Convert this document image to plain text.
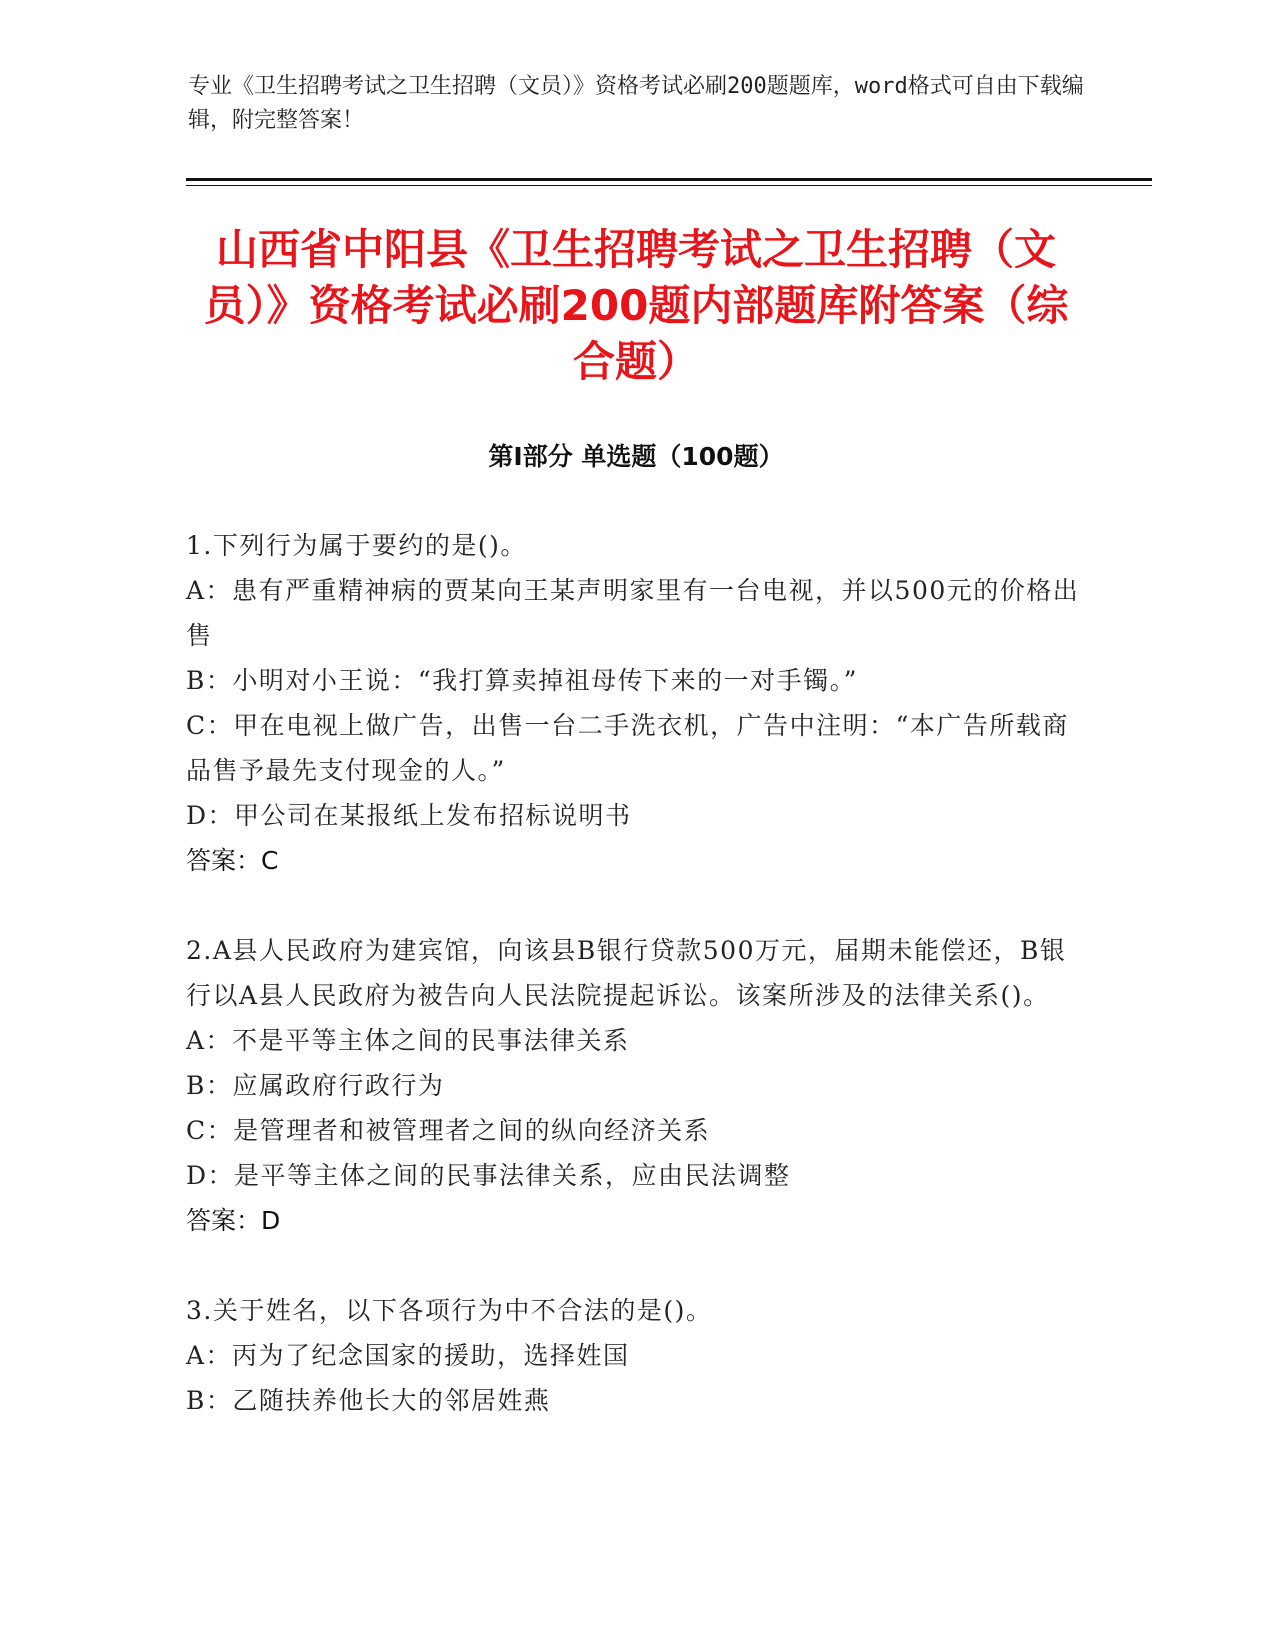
专业《卫生招聘考试之卫生招聘（文员）》资格考试必刷200题题库，word格式可自由下载编辑，附完整答案！
山西省中阳县《卫生招聘考试之卫生招聘（文员）》资格考试必刷200题内部题库附答案（综合题）
第I部分 单选题（100题）

1.下列行为属于要约的是()。

A：患有严重精神病的贾某向王某声明家里有一台电视，并以500元的价格出售

B：小明对小王说：“我打算卖掉祖母传下来的一对手镯。”

C：甲在电视上做广告，出售一台二手洗衣机，广告中注明：“本广告所载商品售予最先支付现金的人。”

D：甲公司在某报纸上发布招标说明书

答案：C

2.A县人民政府为建宾馆，向该县B银行贷款500万元，届期未能偿还，B银行以A县人民政府为被告向人民法院提起诉讼。该案所涉及的法律关系()。

A：不是平等主体之间的民事法律关系

B：应属政府行政行为

C：是管理者和被管理者之间的纵向经济关系

D：是平等主体之间的民事法律关系，应由民法调整

答案：D

3.关于姓名，以下各项行为中不合法的是()。

A：丙为了纪念国家的援助，选择姓国

B：乙随扶养他长大的邻居姓燕
